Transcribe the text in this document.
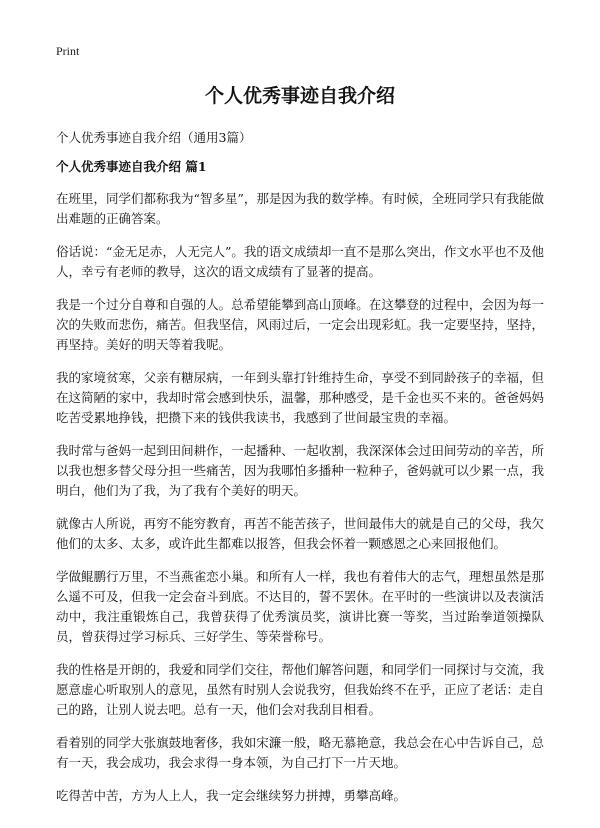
Print
个人优秀事迹自我介绍

个人优秀事迹自我介绍（通用3篇）

个人优秀事迹自我介绍 篇1

在班里，同学们都称我为“智多星”，那是因为我的数学棒。有时候，全班同学只有我能做出难题的正确答案。

俗话说：“金无足赤，人无完人”。我的语文成绩却一直不是那么突出，作文水平也不及他人，幸亏有老师的教导，这次的语文成绩有了显著的提高。

我是一个过分自尊和自强的人。总希望能攀到高山顶峰。在这攀登的过程中，会因为每一次的失败而悲伤，痛苦。但我坚信，风雨过后，一定会出现彩虹。我一定要坚持，坚持，再坚持。美好的明天等着我呢。

我的家境贫寒，父亲有糖尿病，一年到头靠打针维持生命，享受不到同龄孩子的幸福，但在这简陋的家中，我却时常会感到快乐，温馨，那种感受，是千金也买不来的。爸爸妈妈吃苦受累地挣钱，把攒下来的钱供我读书，我感到了世间最宝贵的幸福。

我时常与爸妈一起到田间耕作，一起播种、一起收割，我深深体会过田间劳动的辛苦，所以我也想多替父母分担一些痛苦，因为我哪怕多播种一粒种子，爸妈就可以少累一点，我明白，他们为了我，为了我有个美好的明天。

就像古人所说，再穷不能穷教育，再苦不能苦孩子，世间最伟大的就是自己的父母，我欠他们的太多、太多，或许此生都难以报答，但我会怀着一颗感恩之心来回报他们。

学做鲲鹏行万里，不当燕雀恋小巢。和所有人一样，我也有着伟大的志气，理想虽然是那么遥不可及，但我一定会奋斗到底。不达目的，誓不罢休。在平时的一些演讲以及表演活动中，我注重锻炼自己，我曾获得了优秀演员奖，演讲比赛一等奖，当过跆拳道领操队员，曾获得过学习标兵、三好学生、等荣誉称号。

我的性格是开朗的，我爱和同学们交往，帮他们解答问题，和同学们一同探讨与交流，我愿意虚心听取别人的意见，虽然有时别人会说我穷，但我始终不在乎，正应了老话：走自己的路，让别人说去吧。总有一天，他们会对我刮目相看。

看着别的同学大张旗鼓地奢侈，我如宋濂一般，略无慕艳意，我总会在心中告诉自己，总有一天，我会成功，我会求得一身本领，为自己打下一片天地。

吃得苦中苦，方为人上人，我一定会继续努力拼搏，勇攀高峰。
